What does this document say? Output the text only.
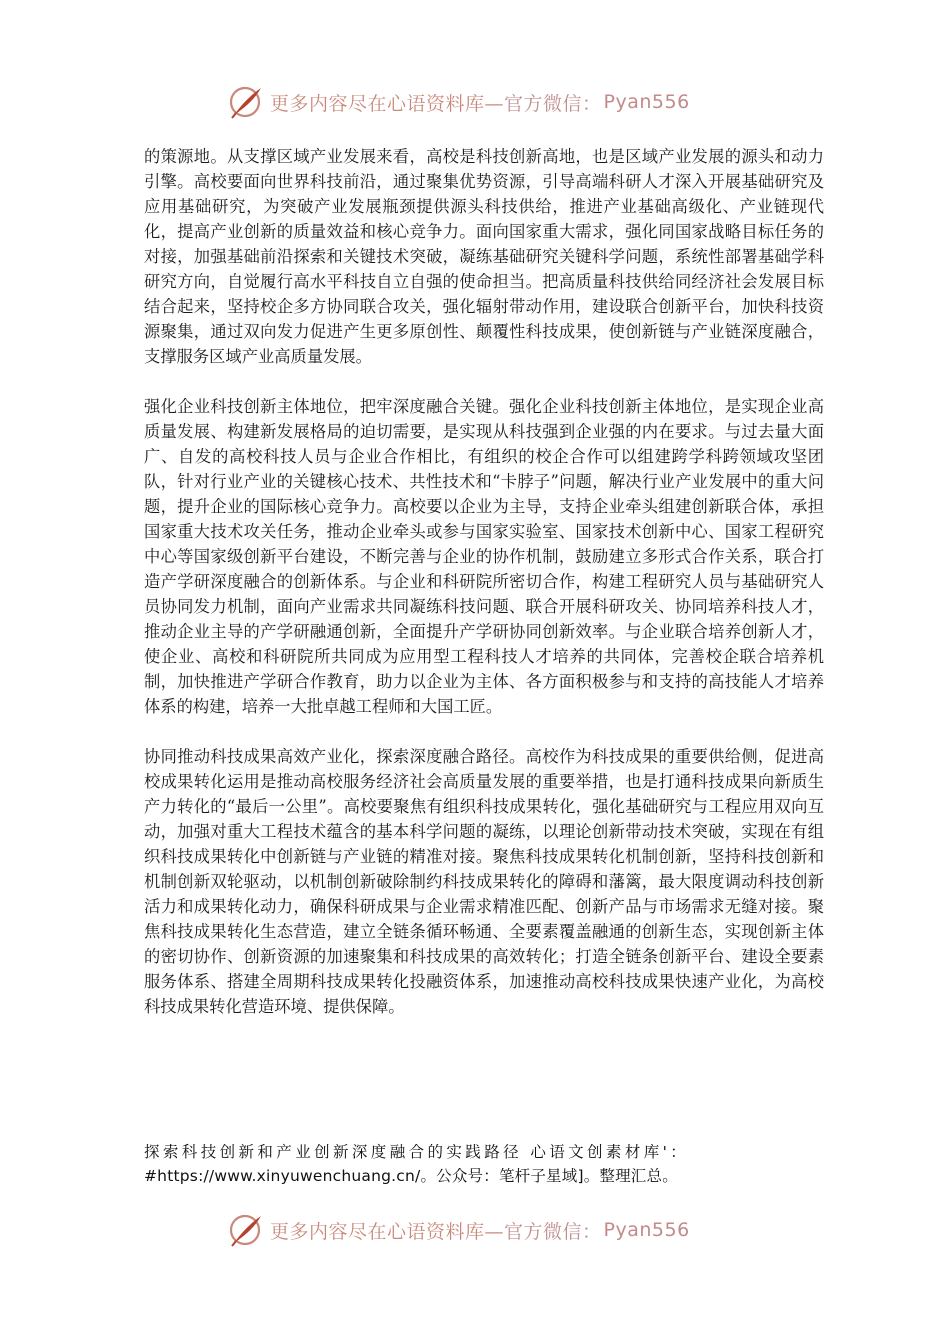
更多内容尽在心语资料库— 官方微信： Pyan556

的策源地。从支撑区域产业发展来看，高校是科技创新高地，也是区域产业发展的源头和动力引擎。高校要面向世界科技前沿，通过聚集优势资源，引导高端科研人才深入开展基础研究及应用基础研究，为突破产业发展瓶颈提供源头科技供给，推进产业基础高级化、产业链现代化，提高产业创新的质量效益和核心竞争力。面向国家重大需求，强化同国家战略目标任务的对接，加强基础前沿探索和关键技术突破，凝练基础研究关键科学问题，系统性部署基础学科研究方向，自觉履行高水平科技自立自强的使命担当。把高质量科技供给同经济社会发展目标结合起来，坚持校企多方协同联合攻关，强化辐射带动作用，建设联合创新平台，加快科技资源聚集，通过双向发力促进产生更多原创性、颠覆性科技成果，使创新链与产业链深度融合，支撑服务区域产业高质量发展。

强化企业科技创新主体地位，把牢深度融合关键。强化企业科技创新主体地位，是实现企业高质量发展、构建新发展格局的迫切需要，是实现从科技强到企业强的内在要求。与过去量大面广、自发的高校科技人员与企业合作相比，有组织的校企合作可以组建跨学科跨领域攻坚团队，针对行业产业的关键核心技术、共性技术和“卡脖子”问题，解决行业产业发展中的重大问题，提升企业的国际核心竞争力。高校要以企业为主导，支持企业牵头组建创新联合体，承担国家重大技术攻关任务，推动企业牵头或参与国家实验室、国家技术创新中心、国家工程研究中心等国家级创新平台建设，不断完善与企业的协作机制，鼓励建立多形式合作关系，联合打造产学研深度融合的创新体系。与企业和科研院所密切合作，构建工程研究人员与基础研究人员协同发力机制，面向产业需求共同凝练科技问题、联合开展科研攻关、协同培养科技人才，推动企业主导的产学研融通创新，全面提升产学研协同创新效率。与企业联合培养创新人才，使企业、高校和科研院所共同成为应用型工程科技人才培养的共同体，完善校企联合培养机制，加快推进产学研合作教育，助力以企业为主体、各方面积极参与和支持的高技能人才培养体系的构建，培养一大批卓越工程师和大国工匠。

协同推动科技成果高效产业化，探索深度融合路径。高校作为科技成果的重要供给侧，促进高校成果转化运用是推动高校服务经济社会高质量发展的重要举措，也是打通科技成果向新质生产力转化的“最后一公里”。高校要聚焦有组织科技成果转化，强化基础研究与工程应用双向互动，加强对重大工程技术蕴含的基本科学问题的凝练，以理论创新带动技术突破，实现在有组织科技成果转化中创新链与产业链的精准对接。聚焦科技成果转化机制创新，坚持科技创新和机制创新双轮驱动，以机制创新破除制约科技成果转化的障碍和藩篱，最大限度调动科技创新活力和成果转化动力，确保科研成果与企业需求精准匹配、创新产品与市场需求无缝对接。聚焦科技成果转化生态营造，建立全链条循环畅通、全要素覆盖融通的创新生态，实现创新主体的密切协作、创新资源的加速聚集和科技成果的高效转化；打造全链条创新平台、建设全要素服务体系、搭建全周期科技成果转化投融资体系，加速推动高校科技成果快速产业化，为高校科技成果转化营造环境、提供保障。

探索科技创新和产业创新深度融合的实践路径 心语文创素材库'：
#https://www.xinyuwenchuang.cn/。公众号：笔杆子星域]。整理汇总。
更多内容尽在心语资料库— 官方微信： Pyan556
